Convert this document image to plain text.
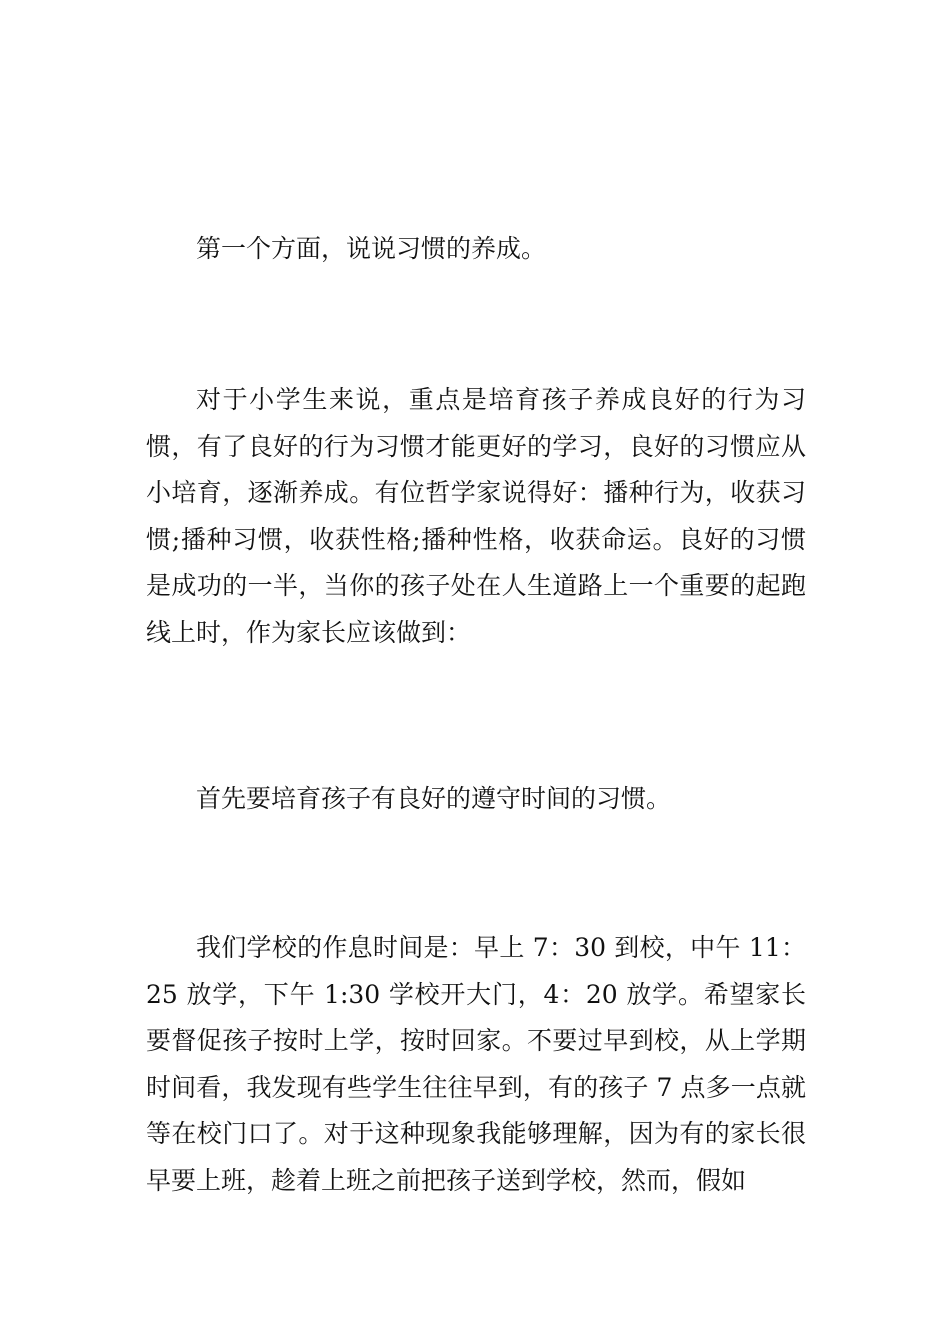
第一个方面，说说习惯的养成。

对于小学生来说，重点是培育孩子养成良好的行为习惯，有了良好的行为习惯才能更好的学习，良好的习惯应从小培育，逐渐养成。有位哲学家说得好：播种行为，收获习惯;播种习惯，收获性格;播种性格，收获命运。良好的习惯是成功的一半，当你的孩子处在人生道路上一个重要的起跑线上时，作为家长应该做到：

首先要培育孩子有良好的遵守时间的习惯。

我们学校的作息时间是：早上 7：30 到校，中午 11：25 放学，下午 1:30 学校开大门，4：20 放学。希望家长要督促孩子按时上学，按时回家。不要过早到校，从上学期时间看，我发现有些学生往往早到，有的孩子 7 点多一点就等在校门口了。对于这种现象我能够理解，因为有的家长很早要上班，趁着上班之前把孩子送到学校，然而，假如
